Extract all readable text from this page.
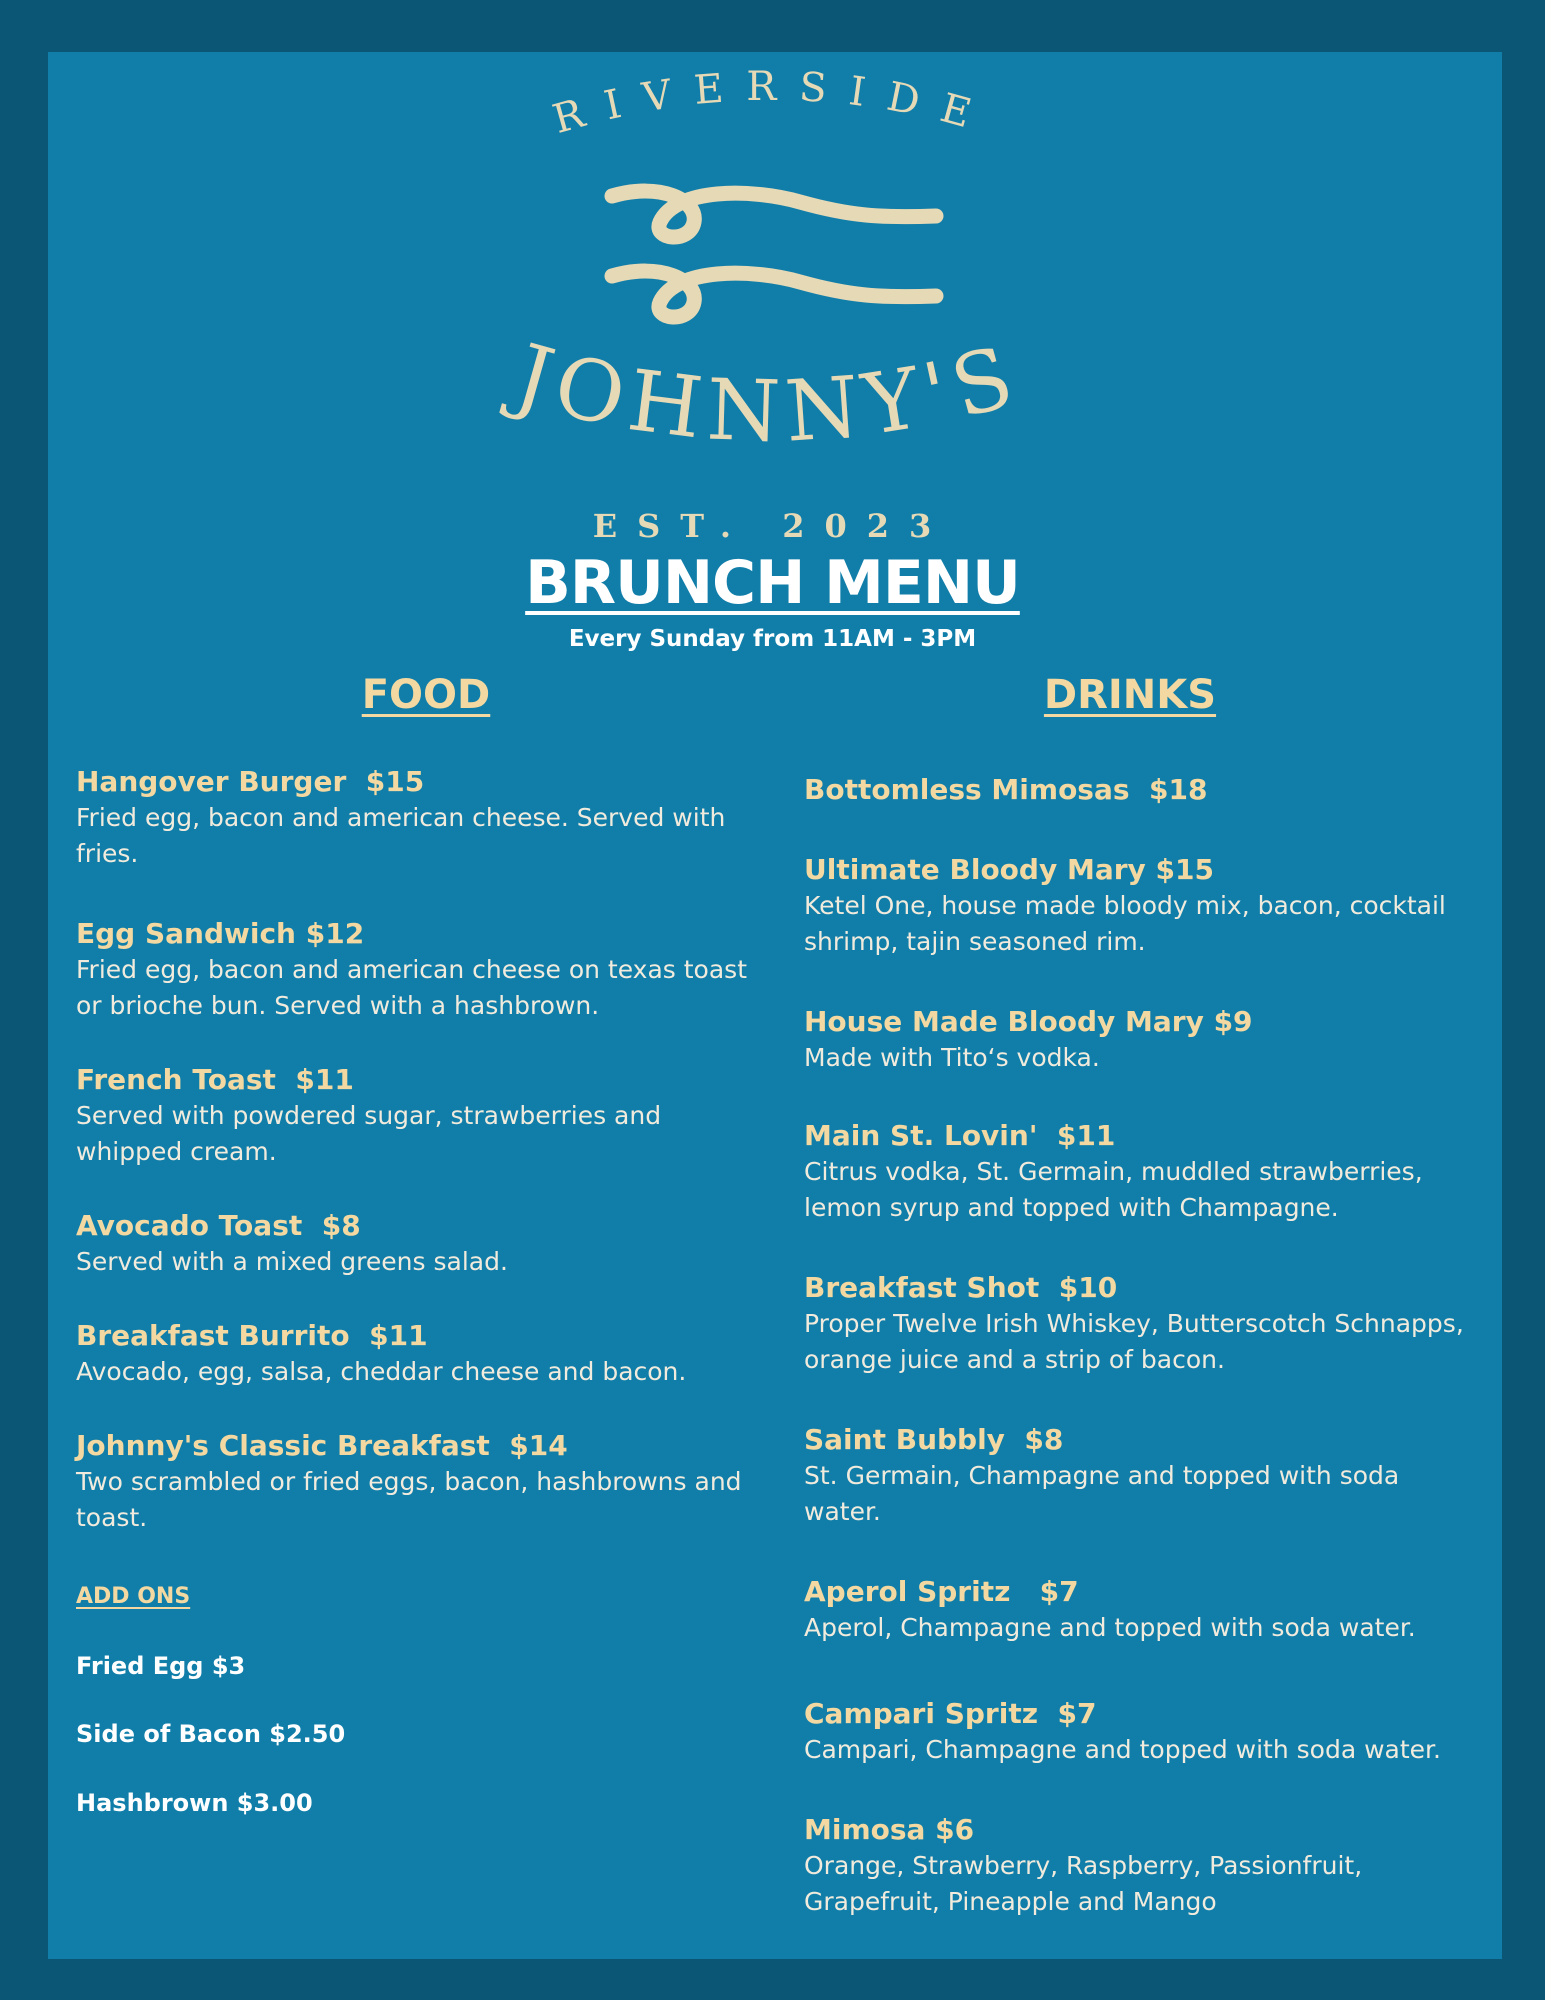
RIVERSIDE
JOHNNY'S
EST. 2023
BRUNCH MENU
Every Sunday from 11AM - 3PM
FOOD	DRINKS
Hangover Burger  $15
Fried egg, bacon and american cheese. Served with fries.
Egg Sandwich $12
Fried egg, bacon and american cheese on texas toast or brioche bun. Served with a hashbrown.
French Toast  $11
Served with powdered sugar, strawberries and whipped cream.
Avocado Toast  $8
Served with a mixed greens salad.
Breakfast Burrito  $11
Avocado, egg, salsa, cheddar cheese and bacon.
Johnny's Classic Breakfast  $14
Two scrambled or fried eggs, bacon, hashbrowns and toast.
ADD ONS
Fried Egg $3
Side of Bacon $2.50
Hashbrown $3.00
Bottomless Mimosas  $18
Ultimate Bloody Mary $15
Ketel One, house made bloody mix, bacon, cocktail shrimp, tajin seasoned rim.
House Made Bloody Mary $9
Made with Tito‘s vodka.
Main St. Lovin'  $11
Citrus vodka, St. Germain, muddled strawberries, lemon syrup and topped with Champagne.
Breakfast Shot  $10
Proper Twelve Irish Whiskey, Butterscotch Schnapps, orange juice and a strip of bacon.
Saint Bubbly  $8
St. Germain, Champagne and topped with soda water.
Aperol Spritz   $7
Aperol, Champagne and topped with soda water.
Campari Spritz  $7
Campari, Champagne and topped with soda water.
Mimosa $6
Orange, Strawberry, Raspberry, Passionfruit, Grapefruit, Pineapple and Mango
